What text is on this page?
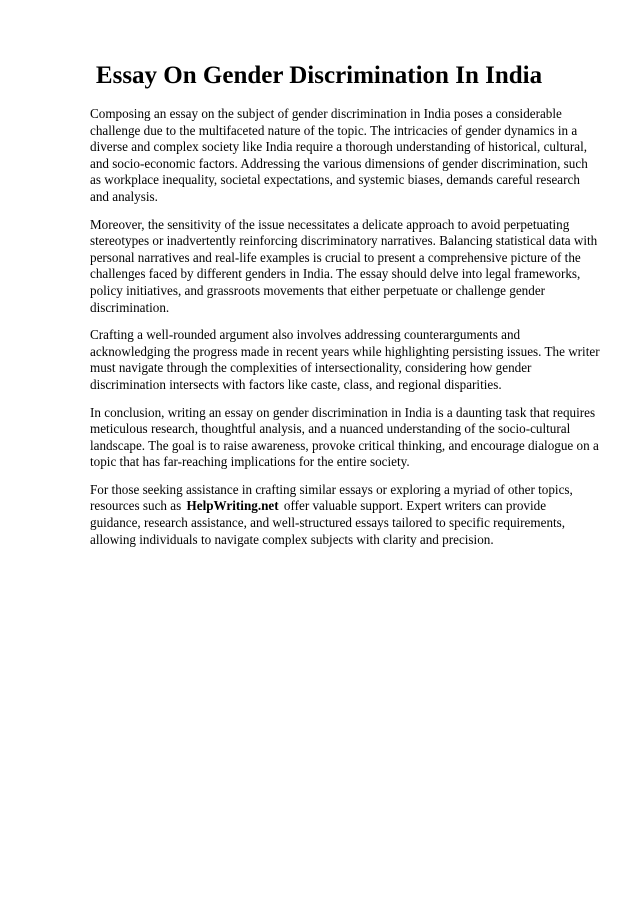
Essay On Gender Discrimination In India

Composing an essay on the subject of gender discrimination in India poses a considerable challenge due to the multifaceted nature of the topic. The intricacies of gender dynamics in a diverse and complex society like India require a thorough understanding of historical, cultural, and socio-economic factors. Addressing the various dimensions of gender discrimination, such as workplace inequality, societal expectations, and systemic biases, demands careful research and analysis.

Moreover, the sensitivity of the issue necessitates a delicate approach to avoid perpetuating stereotypes or inadvertently reinforcing discriminatory narratives. Balancing statistical data with personal narratives and real-life examples is crucial to present a comprehensive picture of the challenges faced by different genders in India. The essay should delve into legal frameworks, policy initiatives, and grassroots movements that either perpetuate or challenge gender discrimination.

Crafting a well-rounded argument also involves addressing counterarguments and acknowledging the progress made in recent years while highlighting persisting issues. The writer must navigate through the complexities of intersectionality, considering how gender discrimination intersects with factors like caste, class, and regional disparities.

In conclusion, writing an essay on gender discrimination in India is a daunting task that requires meticulous research, thoughtful analysis, and a nuanced understanding of the socio-cultural landscape. The goal is to raise awareness, provoke critical thinking, and encourage dialogue on a topic that has far-reaching implications for the entire society.

For those seeking assistance in crafting similar essays or exploring a myriad of other topics, resources such as HelpWriting.net offer valuable support. Expert writers can provide guidance, research assistance, and well-structured essays tailored to specific requirements, allowing individuals to navigate complex subjects with clarity and precision.
